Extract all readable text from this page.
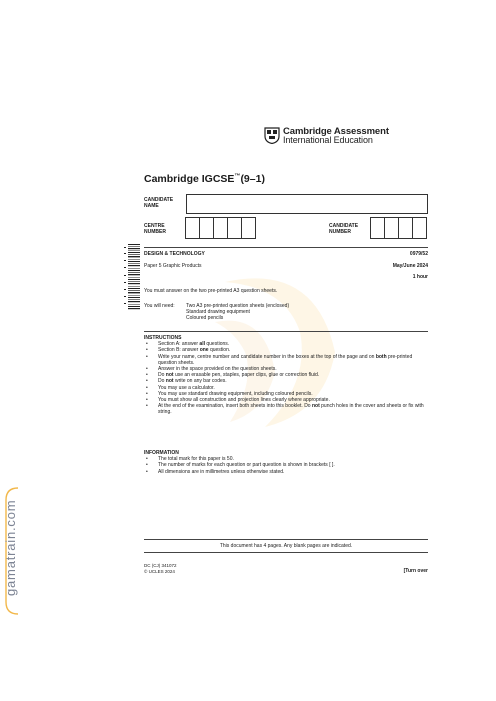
gamatrain.com
Cambridge Assessment
International Education
Cambridge IGCSE™(9–1)
CANDIDATE
NAME
CENTRE
NUMBER
CANDIDATE
NUMBER
DESIGN & TECHNOLOGY	0979/52
Paper 5 Graphic Products	May/June 2024
1 hour
You must answer on the two pre-printed A3 question sheets.
You will need: Two A3 pre-printed question sheets (enclosed)
Standard drawing equipment
Coloured pencils
INSTRUCTIONS
• Section A: answer all questions.
• Section B: answer one question.
• Write your name, centre number and candidate number in the boxes at the top of the page and on both pre-printed question sheets.
• Answer in the space provided on the question sheets.
• Do not use an erasable pen, staples, paper clips, glue or correction fluid.
• Do not write on any bar codes.
• You may use a calculator.
• You may use standard drawing equipment, including coloured pencils.
• You must show all construction and projection lines clearly where appropriate.
• At the end of the examination, insert both sheets into this booklet. Do not punch holes in the cover and sheets or fix with string.
INFORMATION
• The total mark for this paper is 50.
• The number of marks for each question or part question is shown in brackets [ ].
• All dimensions are in millimetres unless otherwise stated.
This document has 4 pages. Any blank pages are indicated.
DC (CJ) 341072
© UCLES 2024	[Turn over
